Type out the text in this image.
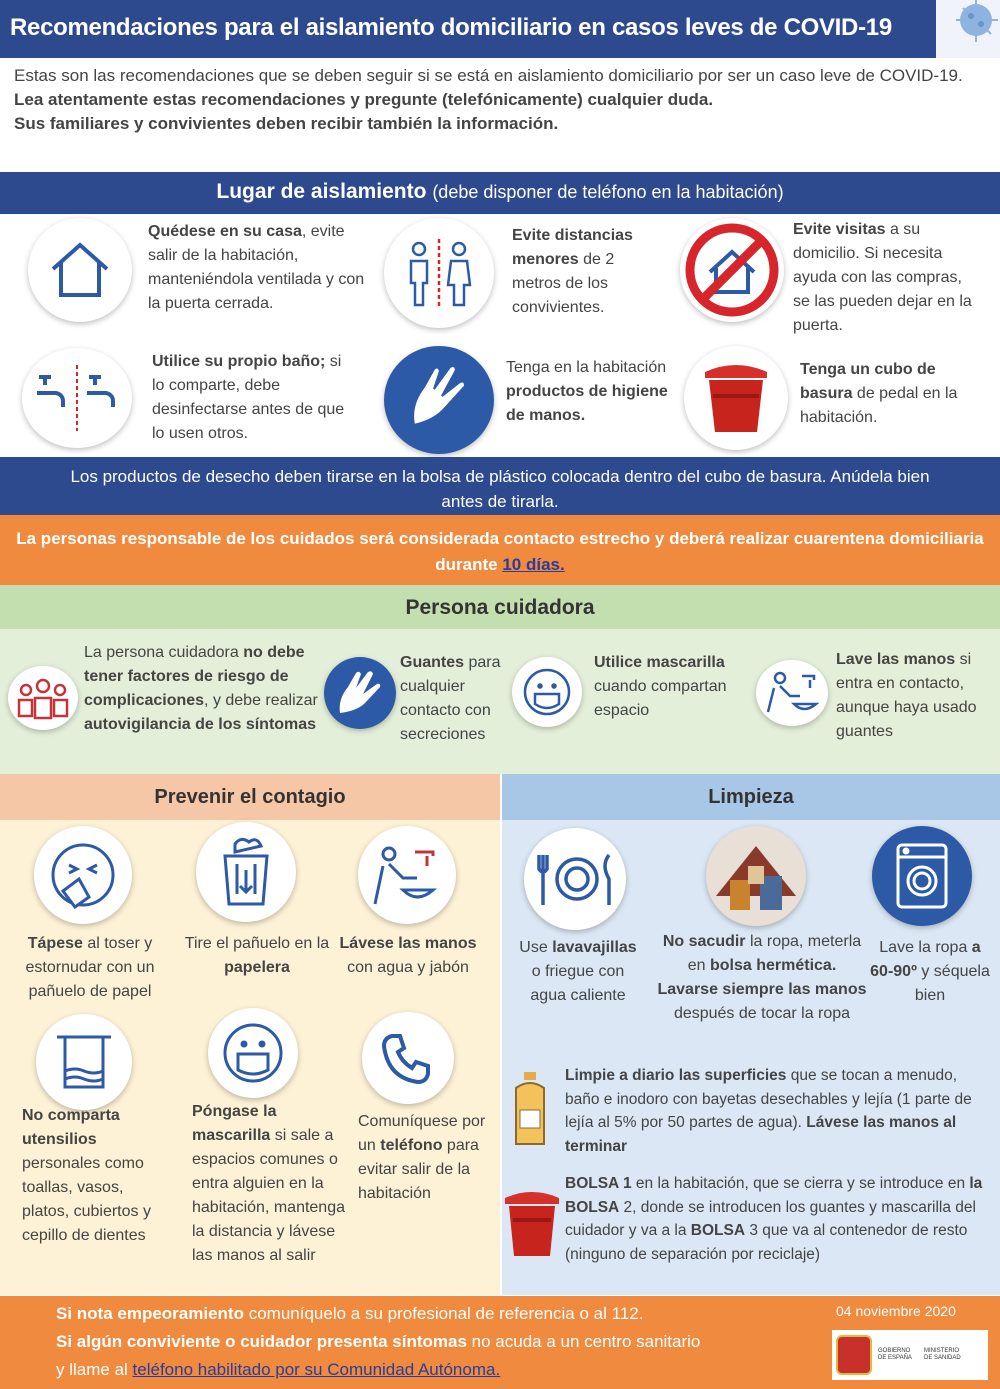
Recomendaciones para el aislamiento domiciliario en casos leves de COVID-19

Estas son las recomendaciones que se deben seguir si se está en aislamiento domiciliario por ser un caso leve de COVID-19.

Lea atentamente estas recomendaciones y pregunte (telefónicamente) cualquier duda.

Sus familiares y convivientes deben recibir también la información.

Lugar de aislamiento (debe disponer de teléfono en la habitación)
Quédese en su casa, evite salir de la habitación, manteniéndola ventilada y con la puerta cerrada.
Evite distancias menores de 2 metros de los convivientes.
Evite visitas a su domicilio. Si necesita ayuda con las compras, se las pueden dejar en la puerta.
Utilice su propio baño; si lo comparte, debe desinfectarse antes de que lo usen otros.
Tenga en la habitación productos de higiene de manos.
Tenga un cubo de basura de pedal en la habitación.
Los productos de desecho deben tirarse en la bolsa de plástico colocada dentro del cubo de basura. Anúdela bien antes de tirarla.
La personas responsable de los cuidados será considerada contacto estrecho y deberá realizar cuarentena domiciliaria durante 10 días.
Persona cuidadora
La persona cuidadora no debe tener factores de riesgo de complicaciones, y debe realizar autovigilancia de los síntomas
Guantes para cualquier contacto con secreciones
Utilice mascarilla cuando compartan espacio
Lave las manos si entra en contacto, aunque haya usado guantes
Prevenir el contagio	Limpieza
Tápese al toser y estornudar con un pañuelo de papel
Tire el pañuelo en la papelera
Lávese las manos con agua y jabón
No comparta utensilios personales como toallas, vasos, platos, cubiertos y cepillo de dientes
Póngase la mascarilla si sale a espacios comunes o entra alguien en la habitación, mantenga la distancia y lávese las manos al salir
Comuníquese por un teléfono para evitar salir de la habitación
Use lavavajillas o friegue con agua caliente
No sacudir la ropa, meterla en bolsa hermética. Lavarse siempre las manos después de tocar la ropa
Lave la ropa a 60-90º y séquela bien
Limpie a diario las superficies que se tocan a menudo, baño e inodoro con bayetas desechables y lejía (1 parte de lejía al 5% por 50 partes de agua). Lávese las manos al terminar
BOLSA 1 en la habitación, que se cierra y se introduce en la BOLSA 2, donde se introducen los guantes y mascarilla del cuidador y va a la BOLSA 3 que va al contenedor de resto (ninguno de separación por reciclaje)
Si nota empeoramiento comuníquelo a su profesional de referencia o al 112.
Si algún conviviente o cuidador presenta síntomas no acuda a un centro sanitario
y llame al teléfono habilitado por su Comunidad Autónoma.
04 noviembre 2020
GOBIERNO DE ESPAÑA
MINISTERIO DE SANIDAD
